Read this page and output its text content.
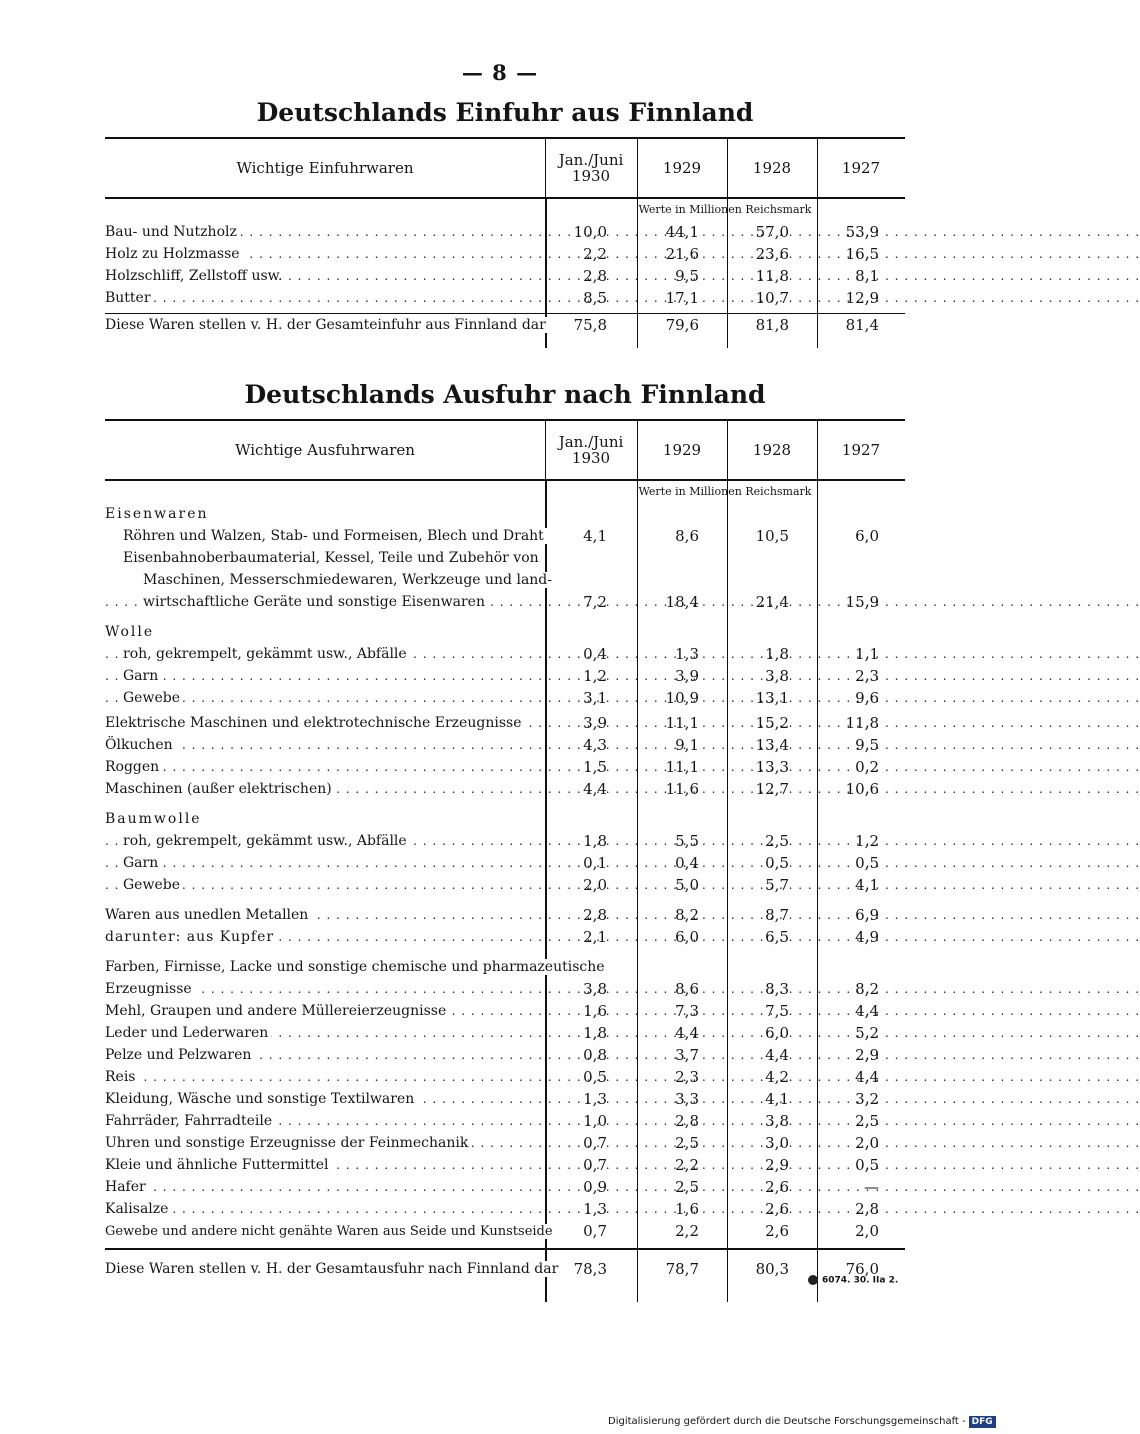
— 8 —
Deutschlands Einfuhr aus Finnland
Wichtige Einfuhrwaren	Jan./Juni 1930	1929	1928	1927
Werte in Millionen Reichsmark
Bau- und Nutzholz . . .	10,0	44,1	57,0	53,9
Holz zu Holzmasse . . .	2,2	21,6	23,6	16,5
Holzschliff, Zellstoff usw. . . .	2,8	9,5	11,8	8,1
Butter . . .	8,5	17,1	10,7	12,9
Diese Waren stellen v. H. der Gesamteinfuhr aus Finnland dar	75,8	79,6	81,8	81,4
Deutschlands Ausfuhr nach Finnland
Wichtige Ausfuhrwaren	Jan./Juni 1930	1929	1928	1927
Werte in Millionen Reichsmark
Eisenwaren
Röhren und Walzen, Stab- und Formeisen, Blech und Draht	4,1	8,6	10,5	6,0
Eisenbahnoberbaumaterial, Kessel, Teile und Zubehör von
Maschinen, Messerschmiedewaren, Werkzeuge und land-
wirtschaftliche Geräte und sonstige Eisenwaren . . .	7,2	18,4	21,4	15,9
Wolle
roh, gekrempelt, gekämmt usw., Abfälle . . .	0,4	1,3	1,8	1,1
Garn . . .	1,2	3,9	3,8	2,3
Gewebe . . .	3,1	10,9	13,1	9,6
Elektrische Maschinen und elektrotechnische Erzeugnisse . . .	3,9	11,1	15,2	11,8
Ölkuchen . . .	4,3	9,1	13,4	9,5
Roggen . . .	1,5	11,1	13,3	0,2
Maschinen (außer elektrischen) . . .	4,4	11,6	12,7	10,6
Baumwolle
roh, gekrempelt, gekämmt usw., Abfälle . . .	1,8	5,5	2,5	1,2
Garn . . .	0,1	0,4	0,5	0,5
Gewebe . . .	2,0	5,0	5,7	4,1
Waren aus unedlen Metallen . . .	2,8	8,2	8,7	6,9
darunter: aus Kupfer . . .	2,1	6,0	6,5	4,9
Farben, Firnisse, Lacke und sonstige chemische und pharmazeutische
Erzeugnisse . . .	3,8	8,6	8,3	8,2
Mehl, Graupen und andere Müllereierzeugnisse . . .	1,6	7,3	7,5	4,4
Leder und Lederwaren . . .	1,8	4,4	6,0	5,2
Pelze und Pelzwaren . . .	0,8	3,7	4,4	2,9
Reis . . .	0,5	2,3	4,2	4,4
Kleidung, Wäsche und sonstige Textilwaren . . .	1,3	3,3	4,1	3,2
Fahrräder, Fahrradteile . . .	1,0	2,8	3,8	2,5
Uhren und sonstige Erzeugnisse der Feinmechanik . . .	0,7	2,5	3,0	2,0
Kleie und ähnliche Futtermittel . . .	0,7	2,2	2,9	0,5
Hafer . . .	0,9	2,5	2,6	—
Kalisalze . . .	1,3	1,6	2,6	2,8
Gewebe und andere nicht genähte Waren aus Seide und Kunstseide	0,7	2,2	2,6	2,0
Diese Waren stellen v. H. der Gesamtausfuhr nach Finnland dar	78,3	78,7	80,3	76,0
6074. 30. IIa 2.
Digitalisierung gefördert durch die Deutsche Forschungsgemeinschaft - DFG
